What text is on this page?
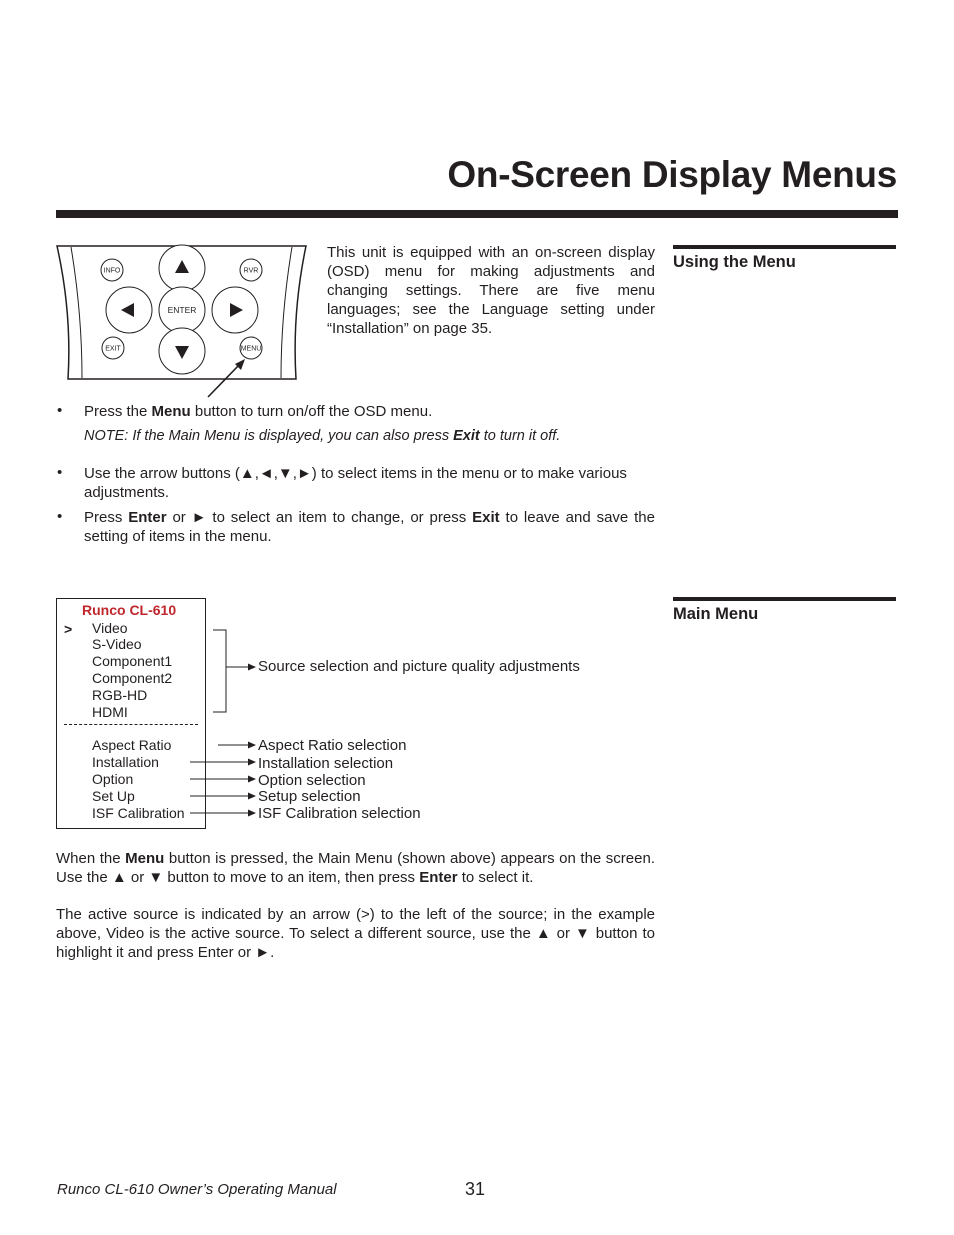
On-Screen Display Menus
Using the Menu
Main Menu
INFO	RVR
ENTER
EXIT	MENU
This unit is equipped with an on-screen display (OSD) menu for making adjustments and changing settings. There are five menu languages; see the Language setting under “Installation” on page 35.
• Press the Menu button to turn on/off the OSD menu.
NOTE: If the Main Menu is displayed, you can also press Exit to turn it off.
• Use the arrow buttons (▲,◄,▼,►) to select items in the menu or to make various adjustments.
• Press Enter or ► to select an item to change, or press Exit to leave and save the setting of items in the menu.
Runco CL-610
> Video
S-Video
Component1
Component2
RGB-HD
HDMI
Aspect Ratio
Installation
Option
Set Up
ISF Calibration
Source selection and picture quality adjustments
Aspect Ratio selection
Installation selection
Option selection
Setup selection
ISF Calibration selection
When the Menu button is pressed, the Main Menu (shown above) appears on the screen. Use the ▲ or ▼ button to move to an item, then press Enter to select it.
The active source is indicated by an arrow (>) to the left of the source; in the example above, Video is the active source. To select a different source, use the ▲ or ▼ button to highlight it and press Enter or ►.
Runco CL-610 Owner’s Operating Manual	31
